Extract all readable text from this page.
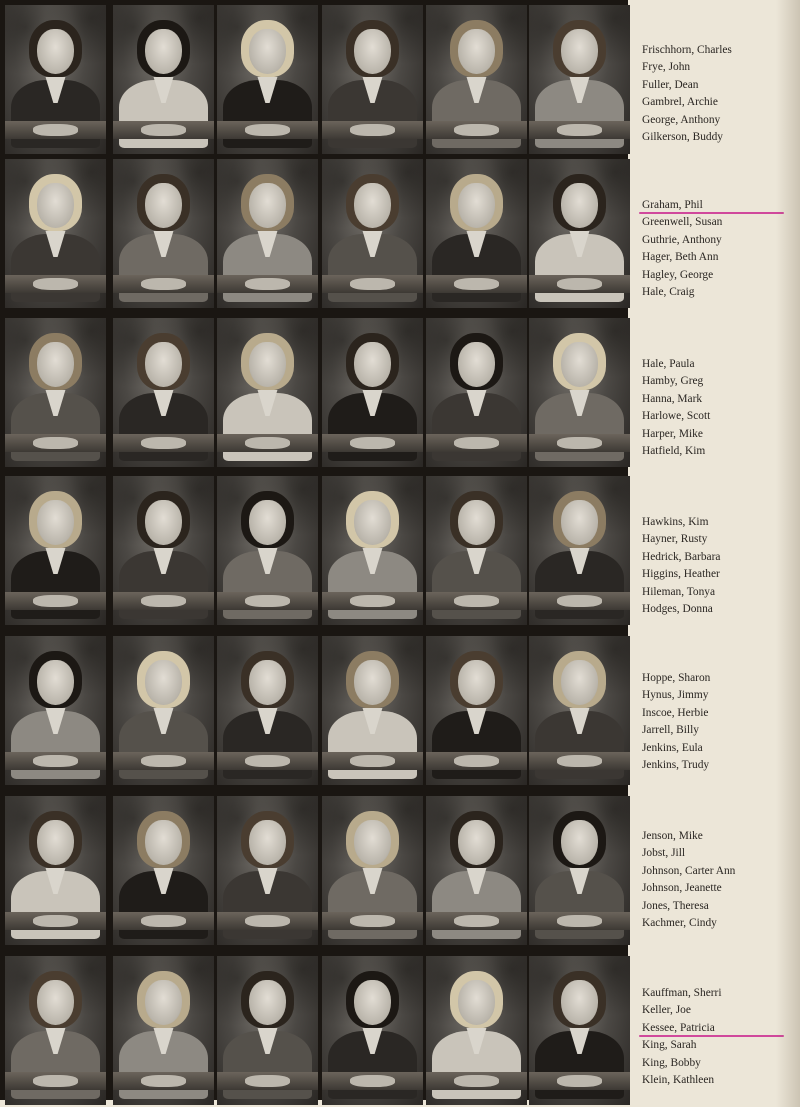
Frischhorn, Charles
Frye, John
Fuller, Dean
Gambrel, Archie
George, Anthony
Gilkerson, Buddy
Graham, Phil
Greenwell, Susan
Guthrie, Anthony
Hager, Beth Ann
Hagley, George
Hale, Craig
Hale, Paula
Hamby, Greg
Hanna, Mark
Harlowe, Scott
Harper, Mike
Hatfield, Kim
Hawkins, Kim
Hayner, Rusty
Hedrick, Barbara
Higgins, Heather
Hileman, Tonya
Hodges, Donna
Hoppe, Sharon
Hynus, Jimmy
Inscoe, Herbie
Jarrell, Billy
Jenkins, Eula
Jenkins, Trudy
Jenson, Mike
Jobst, Jill
Johnson, Carter Ann
Johnson, Jeanette
Jones, Theresa
Kachmer, Cindy
Kauffman, Sherri
Keller, Joe
Kessee, Patricia
King, Sarah
King, Bobby
Klein, Kathleen
